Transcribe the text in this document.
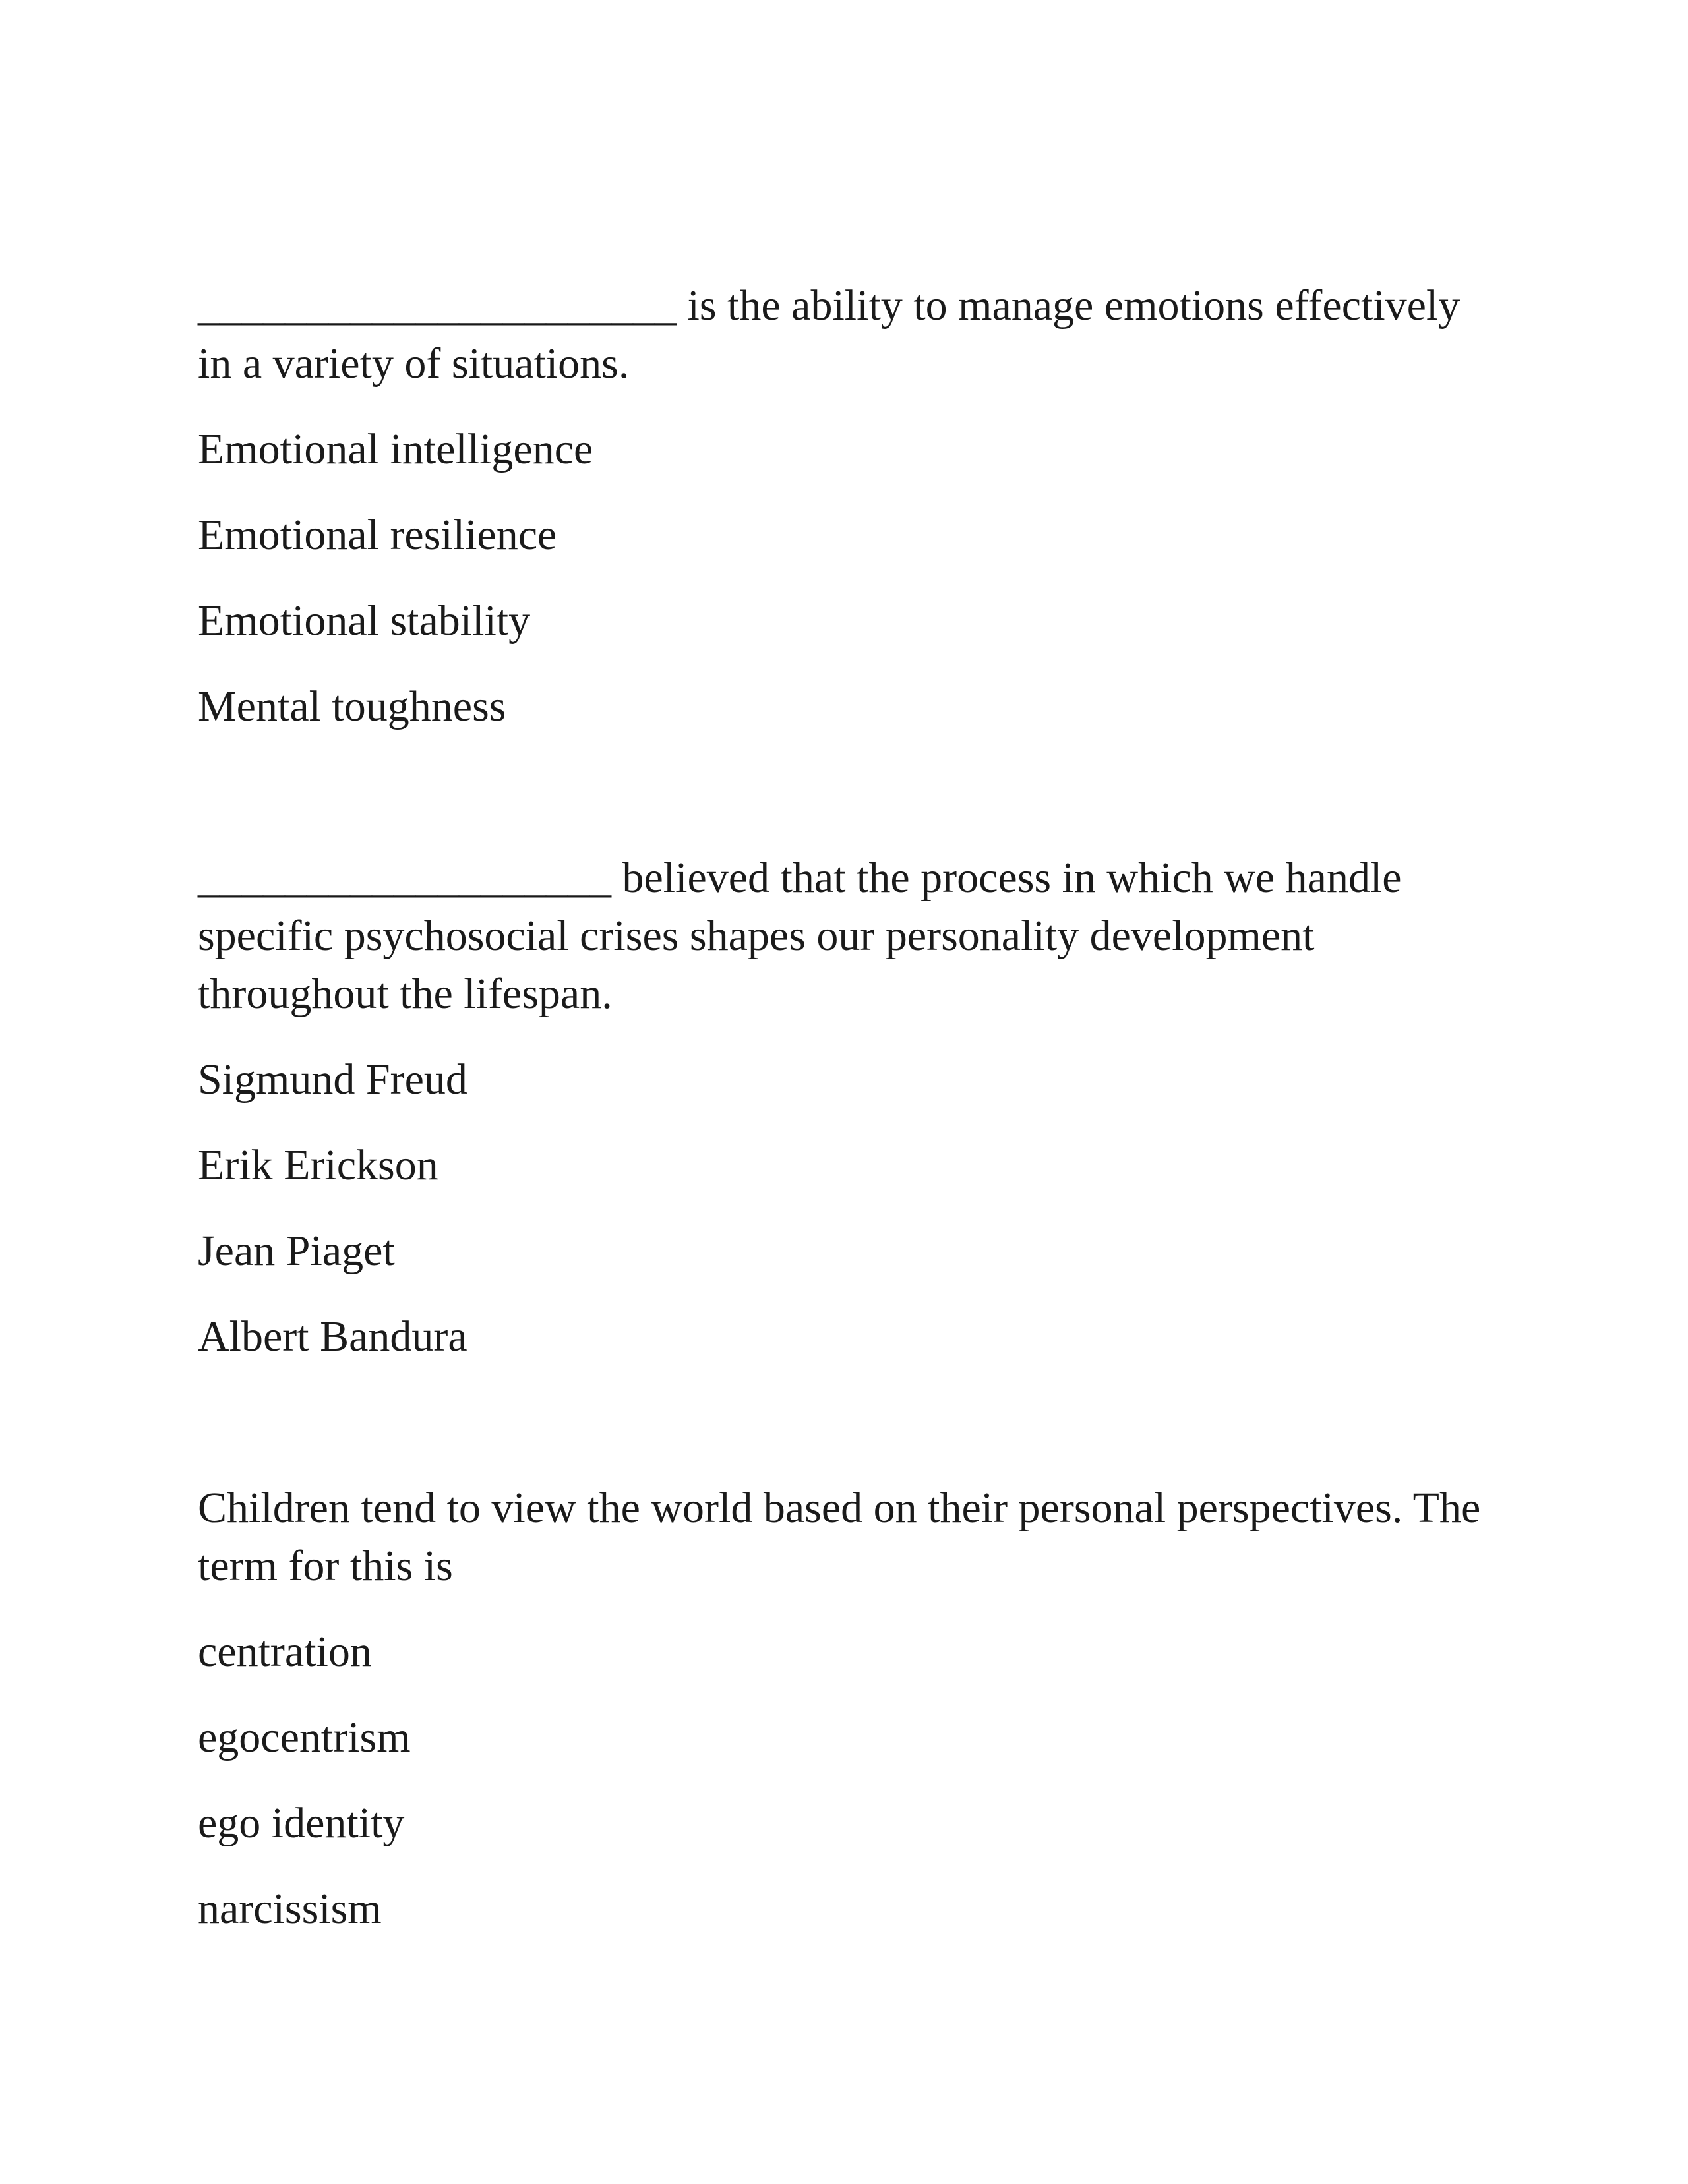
______________________ is the ability to manage emotions effectively in a variety of situations.

Emotional intelligence
Emotional resilience
Emotional stability
Mental toughness

___________________ believed that the process in which we handle specific psychosocial crises shapes our personality development throughout the lifespan.

Sigmund Freud
Erik Erickson
Jean Piaget
Albert Bandura

Children tend to view the world based on their personal perspectives. The term for this is

centration
egocentrism
ego identity
narcissism
